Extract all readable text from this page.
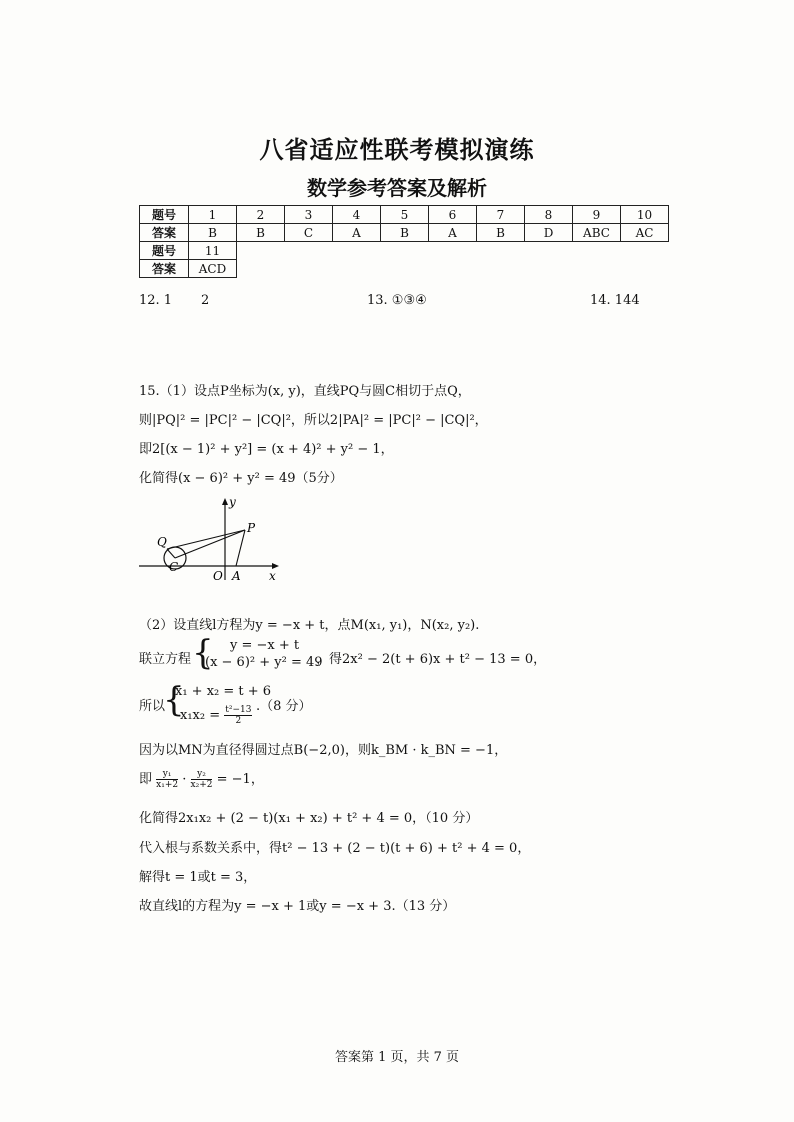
八省适应性联考模拟演练
数学参考答案及解析
题号	1	2	3	4	5	6	7	8	9	10
答案	B	B	C	A	B	A	B	D	ABC	AC
题号	11									
答案	ACD									
12. 1 2	13. ①③④	14. 144
15.（1）设点P坐标为(x, y)，直线PQ与圆C相切于点Q，
则|PQ|² = |PC|² − |CQ|²，所以2|PA|² = |PC|² − |CQ|²，
即2[(x − 1)² + y²] = (x + 4)² + y² − 1，
化简得(x − 6)² + y² = 49（5分）
y
x
O A
P
Q
C
（2）设直线l方程为y = −x + t，点M(x₁, y₁)，N(x₂, y₂).
联立方程 { y = −x + t
(x − 6)² + y² = 49
，得2x² − 2(t + 6)x + t² − 13 = 0，
所以
{
x₁ + x₂ = t + 6
$x_1x_2 = \frac{\text{t²−13}}{2} .(8$ 分）
因为以MN为直径得圆过点B(−2,0)，则k_BM · k_BN = −1，
即 $\frac{\text{y₁}}{\text{x₁+2}} \cdot \frac{\text{y₂}}{\text{x₂+2}} = -1$，
化简得2x₁x₂ + (2 − t)(x₁ + x₂) + t² + 4 = 0，（10 分）
代入根与系数关系中，得t² − 13 + (2 − t)(t + 6) + t² + 4 = 0，
解得t = 1或t = 3，
故直线l的方程为y = −x + 1或y = −x + 3.（13 分）
答案第 1 页，共 7 页
